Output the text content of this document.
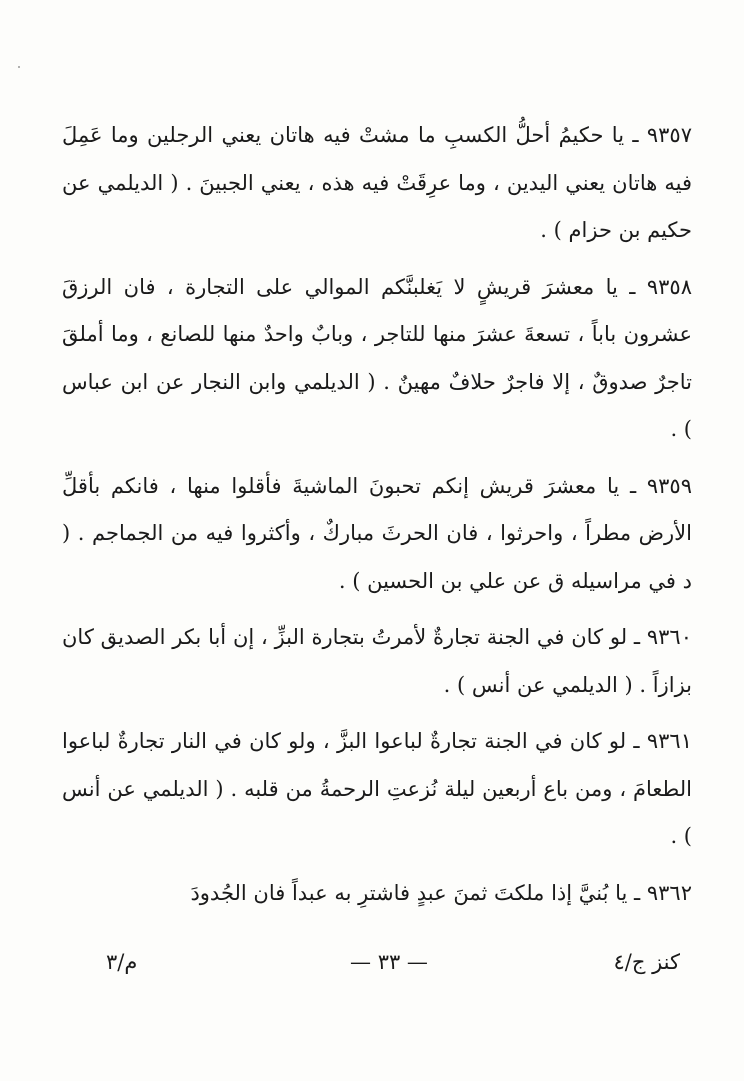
٩٣٥٧ ـ يا حكيمُ أحلُّ الكسبِ ما مشتْ فيه هاتان يعني الرجلين وما عَمِلَ فيه هاتان يعني اليدين ، وما عرِقَتْ فيه هذه ، يعني الجبينَ . ( الديلمي عن حكيم بن حزام ) .

٩٣٥٨ ـ يا معشرَ قريشٍ لا يَغلبنَّكم الموالي على التجارة ، فان الرزقَ عشرون باباً ، تسعةَ عشرَ منها للتاجر ، وبابٌ واحدٌ منها للصانع ، وما أملقَ تاجرٌ صدوقٌ ، إلا فاجرٌ حلافٌ مهينٌ . ( الديلمي وابن النجار عن ابن عباس ) .

٩٣٥٩ ـ يا معشرَ قريش إنكم تحبونَ الماشيةَ فأقلوا منها ، فانكم بأقلِّ الأرض مطراً ، واحرثوا ، فان الحرثَ مباركٌ ، وأكثروا فيه من الجماجم . ( د في مراسيله ق عن علي بن الحسين ) .

٩٣٦٠ ـ لو كان في الجنة تجارةٌ لأمرتُ بتجارة البزِّ ، إن أبا بكر الصديق كان بزازاً . ( الديلمي عن أنس ) .

٩٣٦١ ـ لو كان في الجنة تجارةٌ لباعوا البزَّ ، ولو كان في النار تجارةٌ لباعوا الطعامَ ، ومن باع أربعين ليلة نُزعتِ الرحمةُ من قلبه . ( الديلمي عن أنس ) .

٩٣٦٢ ـ يا بُنيَّ إذا ملكتَ ثمنَ عبدٍ فاشترِ به عبداً فان الجُدودَ

كنز ج/٤
— ٣٣ —
م/٣
